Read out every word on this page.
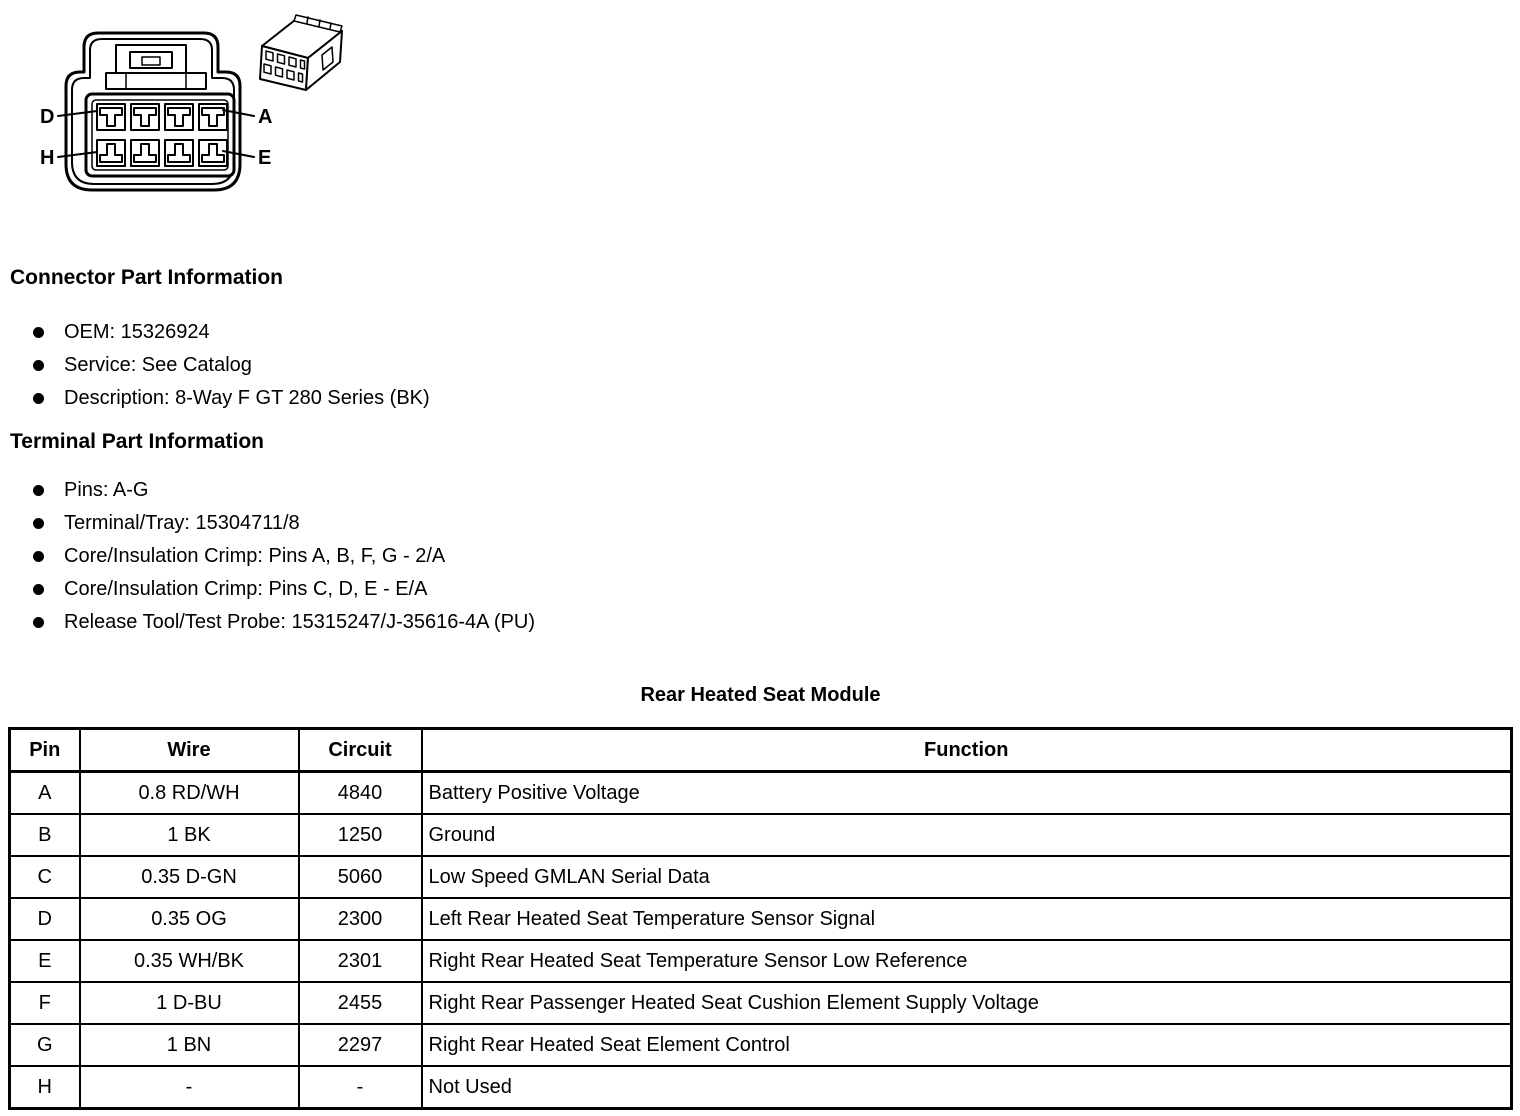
D	A
H	E
Connector Part Information
OEM: 15326924
Service: See Catalog
Description: 8-Way F GT 280 Series (BK)
Terminal Part Information
Pins: A-G
Terminal/Tray: 15304711/8
Core/Insulation Crimp: Pins A, B, F, G - 2/A
Core/Insulation Crimp: Pins C, D, E - E/A
Release Tool/Test Probe: 15315247/J-35616-4A (PU)
Rear Heated Seat Module
Pin	Wire	Circuit	Function
A	0.8 RD/WH	4840	Battery Positive Voltage
B	1 BK	1250	Ground
C	0.35 D-GN	5060	Low Speed GMLAN Serial Data
D	0.35 OG	2300	Left Rear Heated Seat Temperature Sensor Signal
E	0.35 WH/BK	2301	Right Rear Heated Seat Temperature Sensor Low Reference
F	1 D-BU	2455	Right Rear Passenger Heated Seat Cushion Element Supply Voltage
G	1 BN	2297	Right Rear Heated Seat Element Control
H	-	-	Not Used
